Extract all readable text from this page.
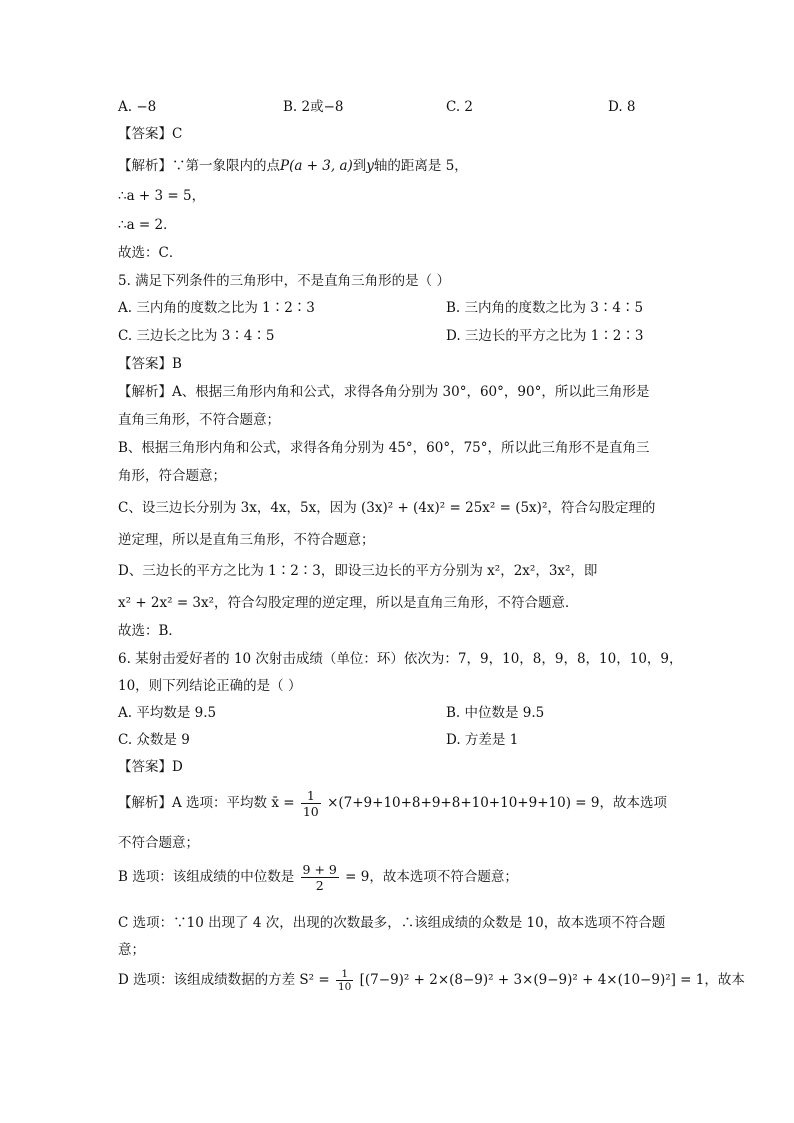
A. −8	B. 2或−8	C. 2	D. 8
【答案】C
【解析】∵第一象限内的点P(a + 3, a)到y轴的距离是 5，
∴a + 3 = 5，
∴a = 2．
故选：C．
5. 满足下列条件的三角形中，不是直角三角形的是（ ）
A. 三内角的度数之比为 1∶2∶3	B. 三内角的度数之比为 3∶4∶5
C. 三边长之比为 3∶4∶5	D. 三边长的平方之比为 1∶2∶3
【答案】B
【解析】A、根据三角形内角和公式，求得各角分别为 30°，60°，90°，所以此三角形是
直角三角形，不符合题意；
B、根据三角形内角和公式，求得各角分别为 45°，60°，75°，所以此三角形不是直角三
角形，符合题意；
C、设三边长分别为 3x，4x，5x，因为 (3x)² + (4x)² = 25x² = (5x)²，符合勾股定理的
逆定理，所以是直角三角形，不符合题意；
D、三边长的平方之比为 1∶2∶3，即设三边长的平方分别为 x²，2x²，3x²，即
x² + 2x² = 3x²，符合勾股定理的逆定理，所以是直角三角形，不符合题意．
故选：B．
6. 某射击爱好者的 10 次射击成绩（单位：环）依次为：7，9，10，8，9，8，10，10，9，
10，则下列结论正确的是（ ）
A. 平均数是 9.5	B. 中位数是 9.5
C. 众数是 9	D. 方差是 1
【答案】D
【解析】A 选项：平均数 x̄ = $\frac{1}{10} \times(7+9+10+8+9+8+10+10+9+10) = 9$，故本选项
不符合题意；
B 选项：该组成绩的中位数是 $\frac{9 + 9}{2} = 9$，故本选项不符合题意；
C 选项：∵10 出现了 4 次，出现的次数最多，∴该组成绩的众数是 10，故本选项不符合题
意；
D 选项：该组成绩数据的方差 $S^2 = \frac{1}{10} [(7-9)^2 + 2\times(8-9)^2 + 3\times(9-9)^2 + 4\times(10-9)^2] = 1$，故本
